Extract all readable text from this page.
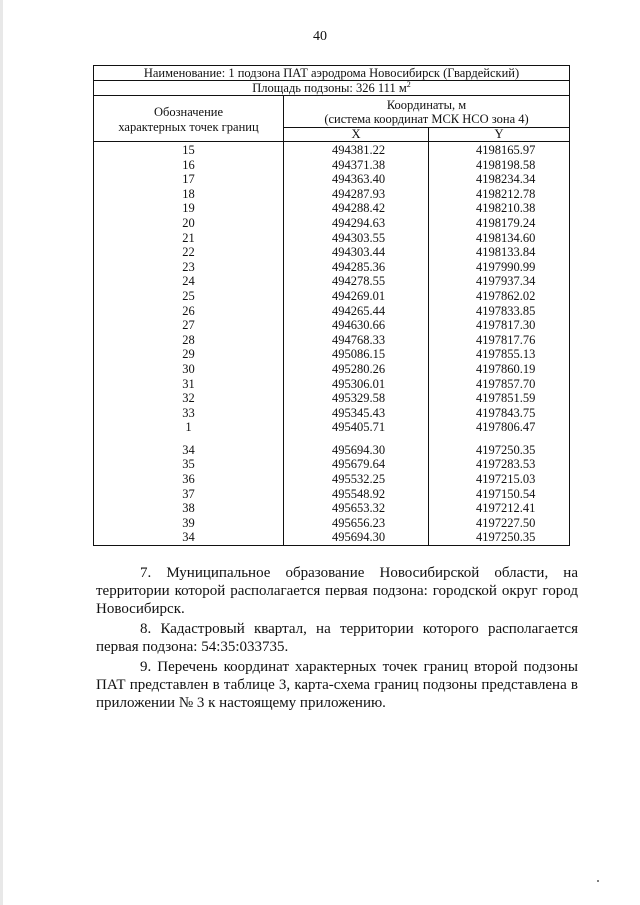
40
Наименование: 1 подзона ПАТ аэродрома Новосибирск (Гвардейский)
Площадь подзоны: 326 111 $м^2$
Обозначение
характерных точек границ
Координаты, м
(система координат МСК НСО зона 4)
X	Y
15
16
17
18
19
20
21
22
23
24
25
26
27
28
29
30
31
32
33
1
34
35
36
37
38
39
34
494381.22
494371.38
494363.40
494287.93
494288.42
494294.63
494303.55
494303.44
494285.36
494278.55
494269.01
494265.44
494630.66
494768.33
495086.15
495280.26
495306.01
495329.58
495345.43
495405.71
495694.30
495679.64
495532.25
495548.92
495653.32
495656.23
495694.30
4198165.97
4198198.58
4198234.34
4198212.78
4198210.38
4198179.24
4198134.60
4198133.84
4197990.99
4197937.34
4197862.02
4197833.85
4197817.30
4197817.76
4197855.13
4197860.19
4197857.70
4197851.59
4197843.75
4197806.47
4197250.35
4197283.53
4197215.03
4197150.54
4197212.41
4197227.50
4197250.35
7. Муниципальное образование Новосибирской области, на территории которой располагается первая подзона: городской округ город Новосибирск.
8. Кадастровый квартал, на территории которого располагается первая подзона: 54:35:033735.
9. Перечень координат характерных точек границ второй подзоны ПАТ представлен в таблице 3, карта-схема границ подзоны представлена в приложении № 3 к настоящему приложению.
